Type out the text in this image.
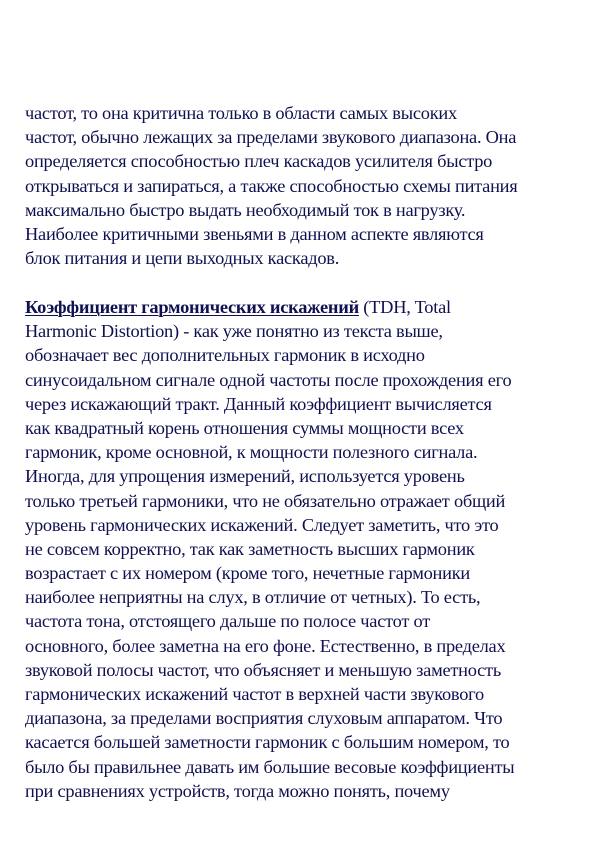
частот, то она критична только в области самых высоких
частот, обычно лежащих за пределами звукового диапазона. Она
определяется способностью плеч каскадов усилителя быстро
открываться и запираться, а также способностью схемы питания
максимально быстро выдать необходимый ток в нагрузку.
Наиболее критичными звеньями в данном аспекте являются
блок питания и цепи выходных каскадов.
Коэффициент гармонических искажений (TDH, Total
Harmonic Distortion) - как уже понятно из текста выше,
обозначает вес дополнительных гармоник в исходно
синусоидальном сигнале одной частоты после прохождения его
через искажающий тракт. Данный коэффициент вычисляется
как квадратный корень отношения суммы мощности всех
гармоник, кроме основной, к мощности полезного сигнала.
Иногда, для упрощения измерений, используется уровень
только третьей гармоники, что не обязательно отражает общий
уровень гармонических искажений. Следует заметить, что это
не совсем корректно, так как заметность высших гармоник
возрастает с их номером (кроме того, нечетные гармоники
наиболее неприятны на слух, в отличие от четных). То есть,
частота тона, отстоящего дальше по полосе частот от
основного, более заметна на его фоне. Естественно, в пределах
звуковой полосы частот, что объясняет и меньшую заметность
гармонических искажений частот в верхней части звукового
диапазона, за пределами восприятия слуховым аппаратом. Что
касается большей заметности гармоник с большим номером, то
было бы правильнее давать им большие весовые коэффициенты
при сравнениях устройств, тогда можно понять, почему
